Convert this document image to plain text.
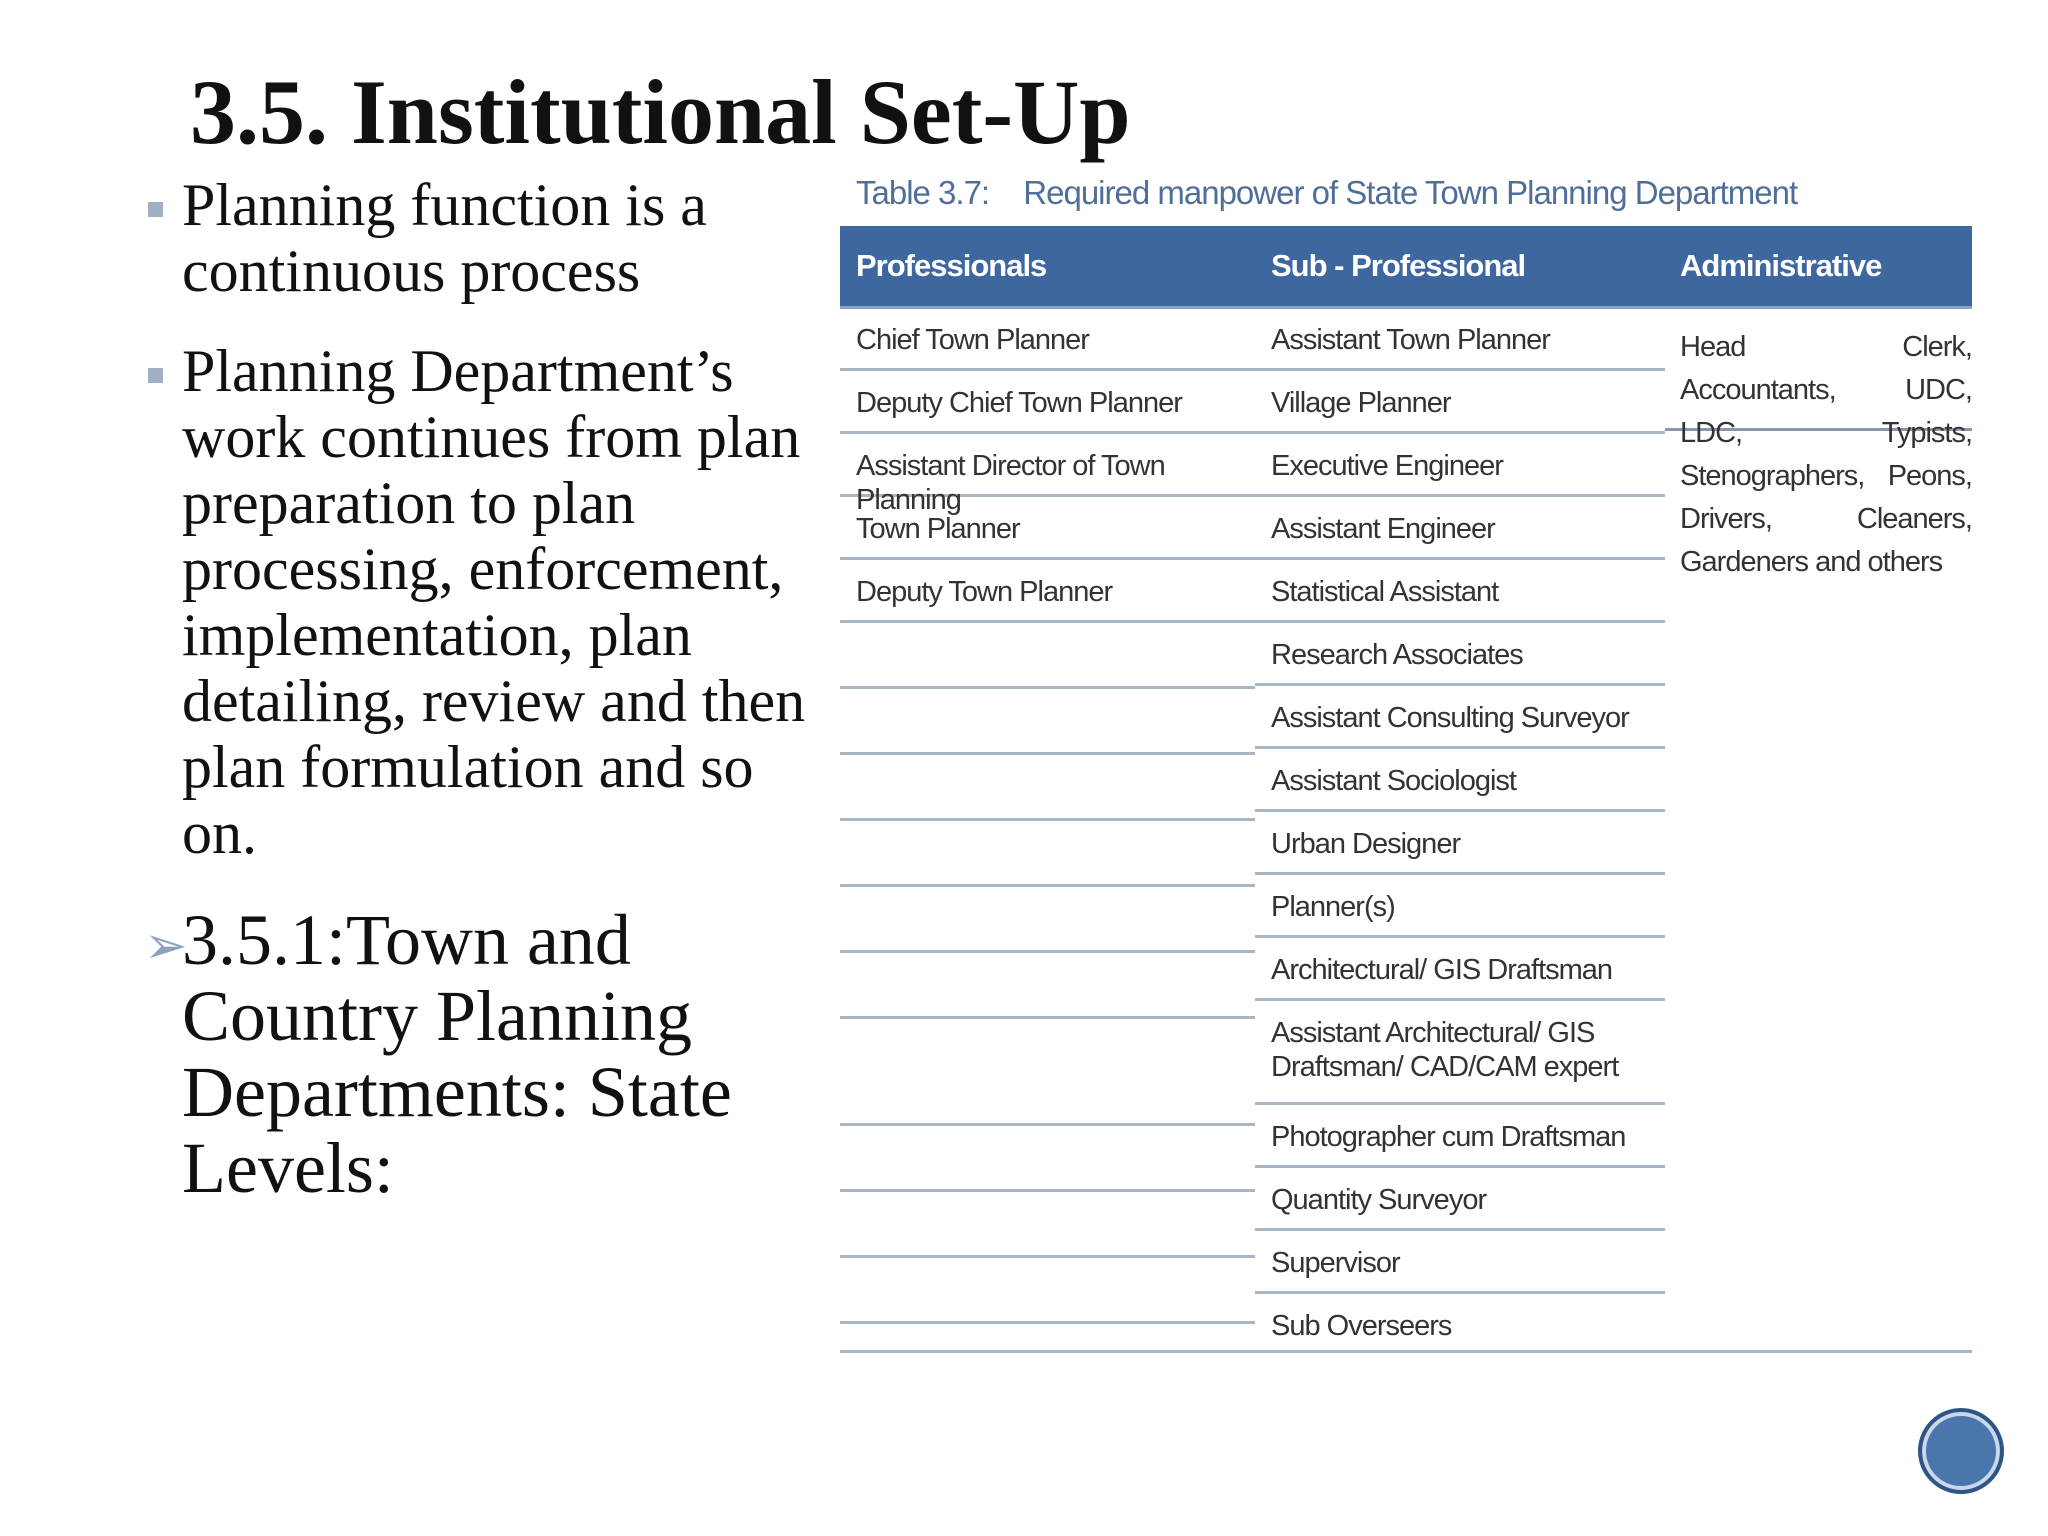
3.5. Institutional Set-Up
Planning function is a continuous process
Planning Department’s work continues from plan preparation to plan processing, enforcement, implementation, plan detailing, review and then plan formulation and so on.
➢
3.5.1:Town and Country Planning Departments: State Levels:
Table 3.7: Required manpower of State Town Planning Department
Professionals	Sub - Professional	Administrative
Chief Town Planner
Deputy Chief Town Planner
Assistant Director of Town Planning
Town Planner
Deputy Town Planner
Assistant Town Planner
Village Planner
Executive Engineer
Assistant Engineer
Statistical Assistant
Research Associates
Assistant Consulting Surveyor
Assistant Sociologist
Urban Designer
Planner(s)
Architectural/ GIS Draftsman
Assistant Architectural/ GIS Draftsman/ CAD/CAM expert
Photographer cum Draftsman
Quantity Surveyor
Supervisor
Sub Overseers
Head Clerk, Accountants, UDC, LDC, Typists, Stenographers, Peons, Drivers, Cleaners, Gardeners and others
